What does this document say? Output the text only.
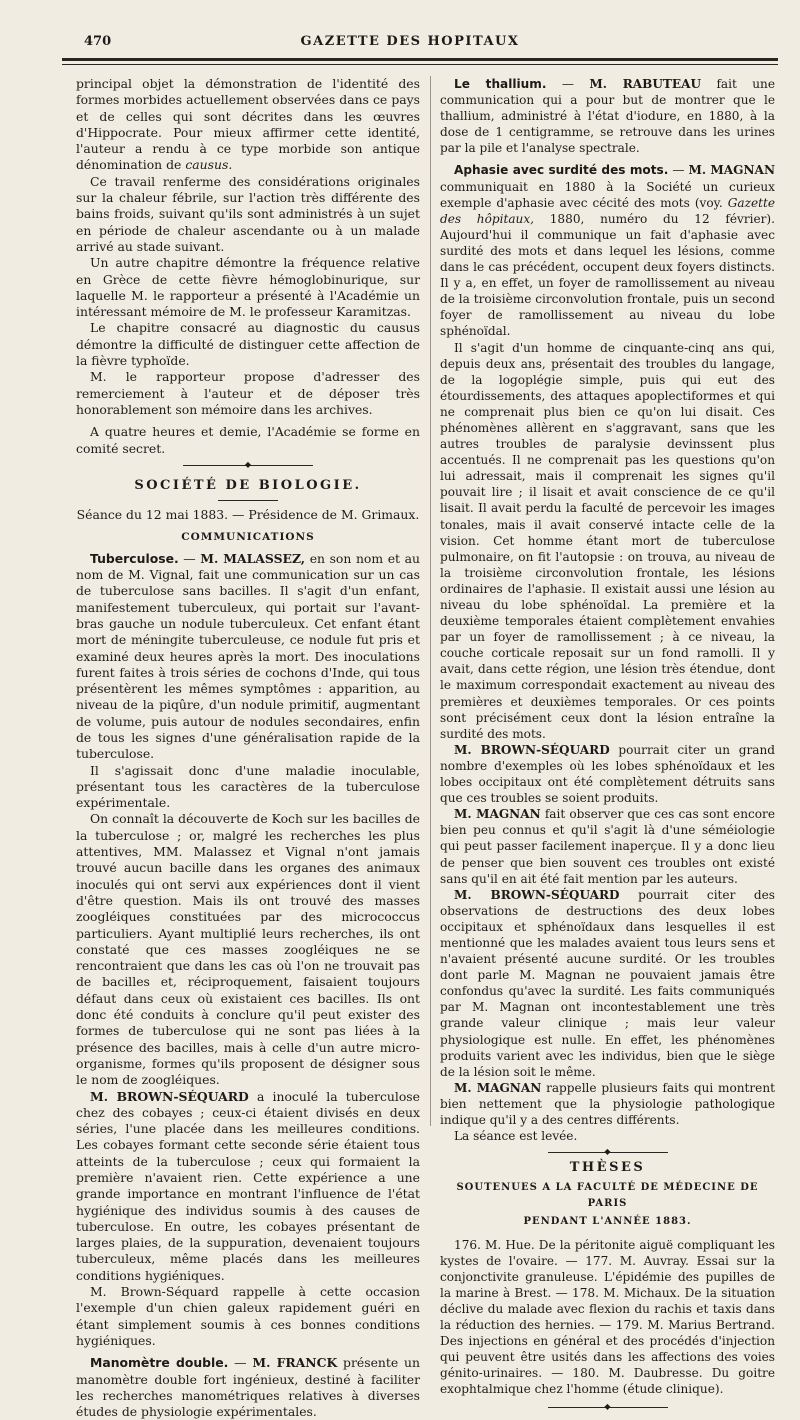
470	GAZETTE DES HOPITAUX

principal objet la démonstration de l'identité des formes morbides actuellement observées dans ce pays et de celles qui sont décrites dans les œuvres d'Hippocrate. Pour mieux affirmer cette identité, l'auteur a rendu à ce type morbide son antique dénomination de causus.

Ce travail renferme des considérations originales sur la chaleur fébrile, sur l'action très différente des bains froids, suivant qu'ils sont administrés à un sujet en période de chaleur ascendante ou à un malade arrivé au stade suivant.

Un autre chapitre démontre la fréquence relative en Grèce de cette fièvre hémoglobinurique, sur laquelle M. le rapporteur a présenté à l'Académie un intéressant mémoire de M. le professeur Karamitzas.

Le chapitre consacré au diagnostic du causus démontre la difficulté de distinguer cette affection de la fièvre typhoïde.

M. le rapporteur propose d'adresser des remerciement à l'auteur et de déposer très honorablement son mémoire dans les archives.

A quatre heures et demie, l'Académie se forme en comité secret.

◆
SOCIÉTÉ DE BIOLOGIE.

Séance du 12 mai 1883. — Présidence de M. Grimaux.

COMMUNICATIONS

Tuberculose. — M. MALASSEZ, en son nom et au nom de M. Vignal, fait une communication sur un cas de tuberculose sans bacilles. Il s'agit d'un enfant, manifestement tuberculeux, qui portait sur l'avant-bras gauche un nodule tuberculeux. Cet enfant étant mort de méningite tuberculeuse, ce nodule fut pris et examiné deux heures après la mort. Des inoculations furent faites à trois séries de cochons d'Inde, qui tous présentèrent les mêmes symptômes : apparition, au niveau de la piqûre, d'un nodule primitif, augmentant de volume, puis autour de nodules secondaires, enfin de tous les signes d'une généralisation rapide de la tuberculose.

Il s'agissait donc d'une maladie inoculable, présentant tous les caractères de la tuberculose expérimentale.

On connaît la découverte de Koch sur les bacilles de la tuberculose ; or, malgré les recherches les plus attentives, MM. Malassez et Vignal n'ont jamais trouvé aucun bacille dans les organes des animaux inoculés qui ont servi aux expériences dont il vient d'être question. Mais ils ont trouvé des masses zoogléiques constituées par des micrococcus particuliers. Ayant multiplié leurs recherches, ils ont constaté que ces masses zoogléiques ne se rencontraient que dans les cas où l'on ne trouvait pas de bacilles et, réciproquement, faisaient toujours défaut dans ceux où existaient ces bacilles. Ils ont donc été conduits à conclure qu'il peut exister des formes de tuberculose qui ne sont pas liées à la présence des bacilles, mais à celle d'un autre micro-organisme, formes qu'ils proposent de désigner sous le nom de zoogléiques.

M. BROWN-SÉQUARD a inoculé la tuberculose chez des cobayes ; ceux-ci étaient divisés en deux séries, l'une placée dans les meilleures conditions. Les cobayes formant cette seconde série étaient tous atteints de la tuberculose ; ceux qui formaient la première n'avaient rien. Cette expérience a une grande importance en montrant l'influence de l'état hygiénique des individus soumis à des causes de tuberculose. En outre, les cobayes présentant de larges plaies, de la suppuration, devenaient toujours tuberculeux, même placés dans les meilleures conditions hygiéniques.

M. Brown-Séquard rappelle à cette occasion l'exemple d'un chien galeux rapidement guéri en étant simplement soumis à ces bonnes conditions hygiéniques.

Manomètre double. — M. FRANCK présente un manomètre double fort ingénieux, destiné à faciliter les recherches manométriques relatives à diverses études de physiologie expérimentales.

Le thallium. — M. RABUTEAU fait une communication qui a pour but de montrer que le thallium, administré à l'état d'iodure, en 1880, à la dose de 1 centigramme, se retrouve dans les urines par la pile et l'analyse spectrale.

Aphasie avec surdité des mots. — M. MAGNAN communiquait en 1880 à la Société un curieux exemple d'aphasie avec cécité des mots (voy. Gazette des hôpitaux, 1880, numéro du 12 février). Aujourd'hui il communique un fait d'aphasie avec surdité des mots et dans lequel les lésions, comme dans le cas précédent, occupent deux foyers distincts. Il y a, en effet, un foyer de ramollissement au niveau de la troisième circonvolution frontale, puis un second foyer de ramollissement au niveau du lobe sphénoïdal.

Il s'agit d'un homme de cinquante-cinq ans qui, depuis deux ans, présentait des troubles du langage, de la logoplégie simple, puis qui eut des étourdissements, des attaques apoplectiformes et qui ne comprenait plus bien ce qu'on lui disait. Ces phénomènes allèrent en s'aggravant, sans que les autres troubles de paralysie devinssent plus accentués. Il ne comprenait pas les questions qu'on lui adressait, mais il comprenait les signes qu'il pouvait lire ; il lisait et avait conscience de ce qu'il lisait. Il avait perdu la faculté de percevoir les images tonales, mais il avait conservé intacte celle de la vision. Cet homme étant mort de tuberculose pulmonaire, on fit l'autopsie : on trouva, au niveau de la troisième circonvolution frontale, les lésions ordinaires de l'aphasie. Il existait aussi une lésion au niveau du lobe sphénoïdal. La première et la deuxième temporales étaient complètement envahies par un foyer de ramollissement ; à ce niveau, la couche corticale reposait sur un fond ramolli. Il y avait, dans cette région, une lésion très étendue, dont le maximum correspondait exactement au niveau des premières et deuxièmes temporales. Or ces points sont précisément ceux dont la lésion entraîne la surdité des mots.

M. BROWN-SÉQUARD pourrait citer un grand nombre d'exemples où les lobes sphénoïdaux et les lobes occipitaux ont été complètement détruits sans que ces troubles se soient produits.

M. MAGNAN fait observer que ces cas sont encore bien peu connus et qu'il s'agit là d'une séméiologie qui peut passer facilement inaperçue. Il y a donc lieu de penser que bien souvent ces troubles ont existé sans qu'il en ait été fait mention par les auteurs.

M. BROWN-SÉQUARD pourrait citer des observations de destructions des deux lobes occipitaux et sphénoïdaux dans lesquelles il est mentionné que les malades avaient tous leurs sens et n'avaient présenté aucune surdité. Or les troubles dont parle M. Magnan ne pouvaient jamais être confondus qu'avec la surdité. Les faits communiqués par M. Magnan ont incontestablement une très grande valeur clinique ; mais leur valeur physiologique est nulle. En effet, les phénomènes produits varient avec les individus, bien que le siège de la lésion soit le même.

M. MAGNAN rappelle plusieurs faits qui montrent bien nettement que la physiologie pathologique indique qu'il y a des centres différents.

La séance est levée.

◆
THÈSES
SOUTENUES A LA FACULTÉ DE MÉDECINE DE PARIS
PENDANT L'ANNÉE 1883.

176. M. Hue. De la péritonite aiguë compliquant les kystes de l'ovaire. — 177. M. Auvray. Essai sur la conjonctivite granuleuse. L'épidémie des pupilles de la marine à Brest. — 178. M. Michaux. De la situation déclive du malade avec flexion du rachis et taxis dans la réduction des hernies. — 179. M. Marius Bertrand. Des injections en général et des procédés d'injection qui peuvent être usités dans les affections des voies génito-urinaires. — 180. M. Daubresse. Du goitre exophtalmique chez l'homme (étude clinique).

◆
